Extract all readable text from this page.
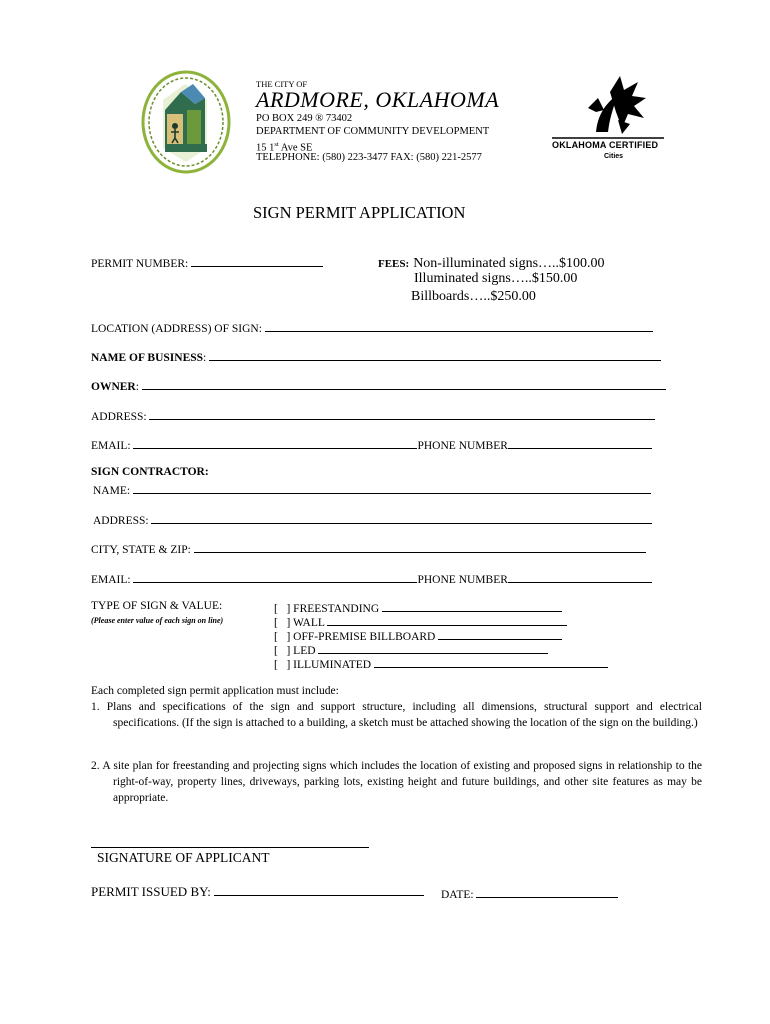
THE CITY OF
ARDMORE, OKLAHOMA
PO BOX 249 ® 73402
DEPARTMENT OF COMMUNITY DEVELOPMENT
15 1st Ave SE
TELEPHONE: (580) 223-3477 FAX: (580) 221-2577
OKLAHOMA CERTIFIED
Cities
SIGN PERMIT APPLICATION
PERMIT NUMBER:	FEES: Non-illuminated signs…..$100.00
Illuminated signs…..$150.00
Billboards…..$250.00
LOCATION (ADDRESS) OF SIGN:
NAME OF BUSINESS:
OWNER:
ADDRESS:
EMAIL:	PHONE NUMBER
SIGN CONTRACTOR:
NAME:
ADDRESS:
CITY, STATE & ZIP:
EMAIL:	PHONE NUMBER
TYPE OF SIGN & VALUE:
(Please enter value of each sign on line)
[   ] FREESTANDING
[   ] WALL
[   ] OFF-PREMISE BILLBOARD
[   ] LED
[   ] ILLUMINATED
Each completed sign permit application must include:
1. Plans and specifications of the sign and support structure, including all dimensions, structural support and electrical specifications. (If the sign is attached to a building, a sketch must be attached showing the location of the sign on the building.)
2. A site plan for freestanding and projecting signs which includes the location of existing and proposed signs in relationship to the right-of-way, property lines, driveways, parking lots, existing height and future buildings, and other site features as may be appropriate.
SIGNATURE OF APPLICANT
PERMIT ISSUED BY:	DATE:
